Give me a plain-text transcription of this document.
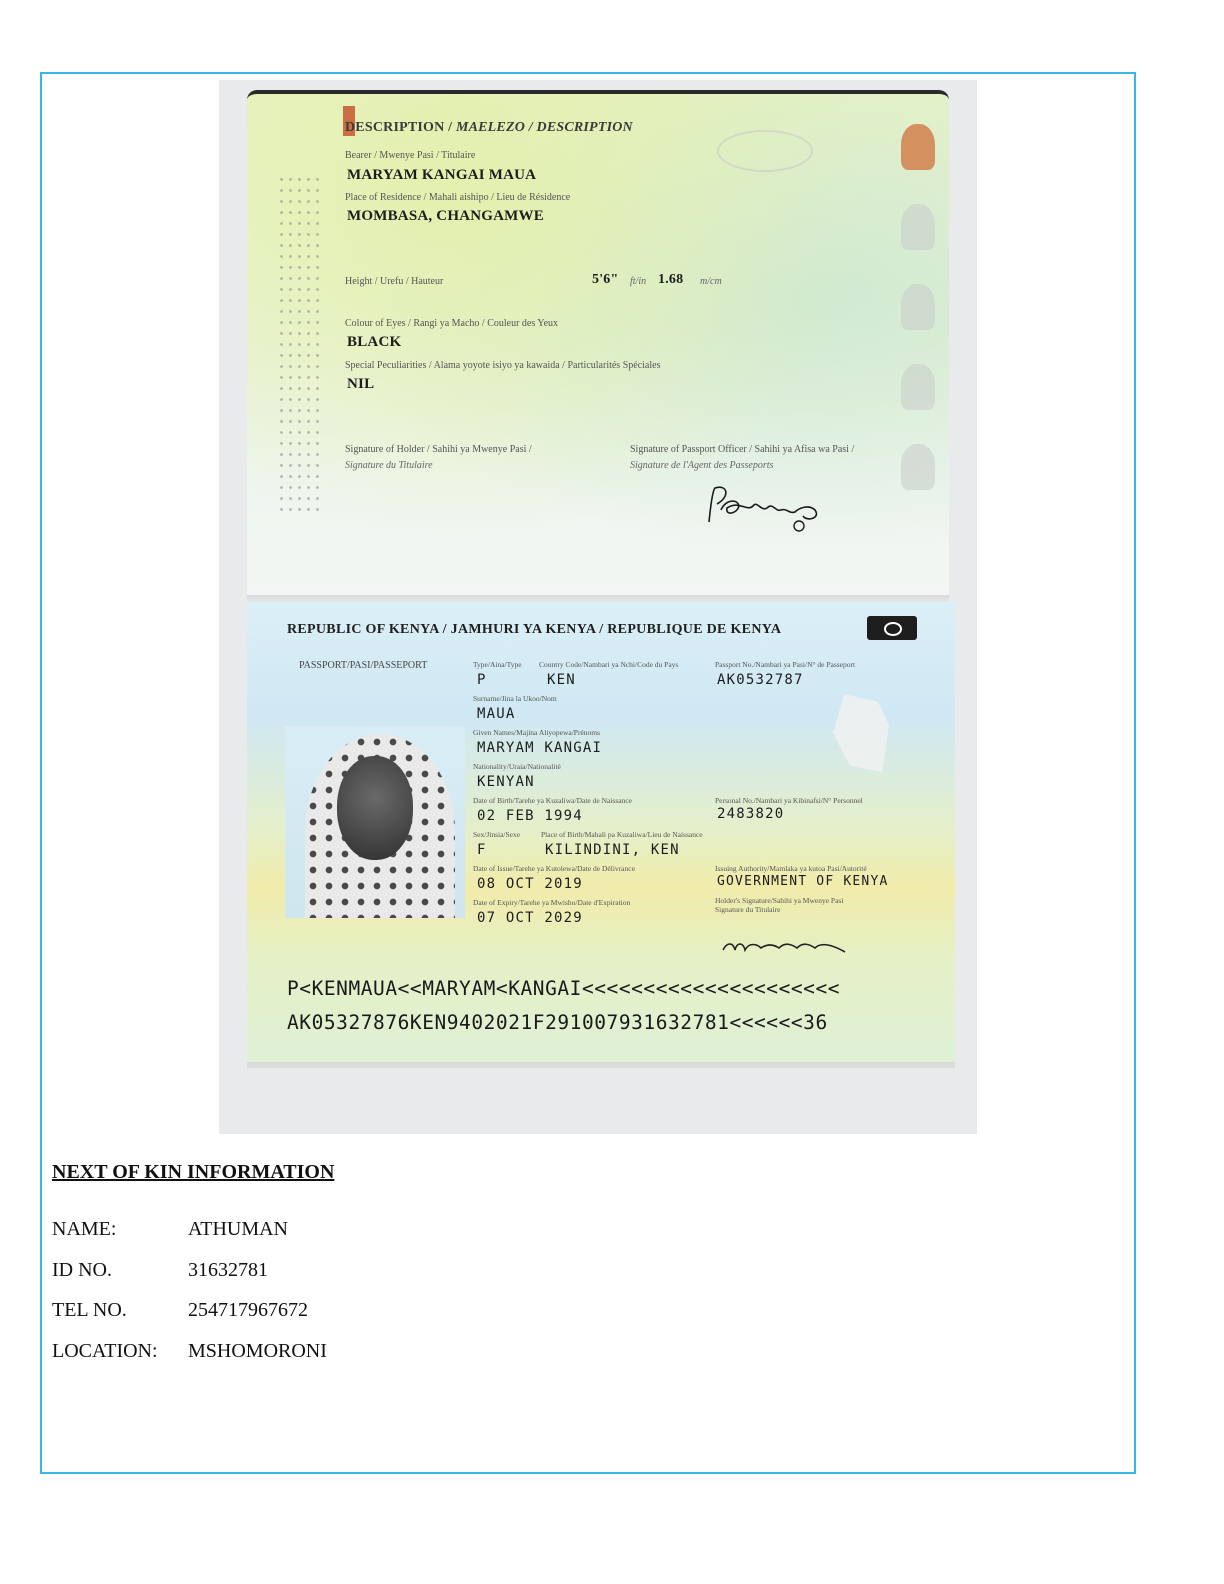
DESCRIPTION / MAELEZO / DESCRIPTION
Bearer / Mwenye Pasi / Titulaire
MARYAM KANGAI MAUA
Place of Residence / Mahali aishipo / Lieu de Résidence
MOMBASA, CHANGAMWE
Height / Urefu / Hauteur	5'6" ft/in 1.68 m/cm
Colour of Eyes / Rangi ya Macho / Couleur des Yeux
BLACK
Special Peculiarities / Alama yoyote isiyo ya kawaida / Particularités Spéciales
NIL
Signature of Holder / Sahihi ya Mwenye Pasi /
Signature du Titulaire
Signature of Passport Officer / Sahihi ya Afisa wa Pasi /
Signature de l'Agent des Passeports
REPUBLIC OF KENYA / JAMHURI YA KENYA / REPUBLIQUE DE KENYA
PASSPORT/PASI/PASSEPORT	Type/Aina/Type Country Code/Nambari ya Nchi/Code du Pays	Passport No./Nambari ya Pasi/N° de Passeport
P	KEN	AK0532787
Surname/Jina la Ukoo/Nom
MAUA
Given Names/Majina Aliyopewa/Prénoms
MARYAM KANGAI
Nationality/Uraia/Nationalité
KENYAN
Date of Birth/Tarehe ya Kuzaliwa/Date de Naissance	Personal No./Nambari ya Kibinafsi/N° Personnel
02 FEB 1994	2483820
Sex/Jinsia/Sexe	Place of Birth/Mahali pa Kuzaliwa/Lieu de Naissance
F	KILINDINI, KEN
Date of Issue/Tarehe ya Kutolewa/Date de Délivrance	Issuing Authority/Mamlaka ya kutoa Pasi/Autorité
08 OCT 2019	GOVERNMENT OF KENYA
Date of Expiry/Tarehe ya Mwisho/Date d'Expiration	Holder's Signature/Sahihi ya Mwenye Pasi
Signature du Titulaire
07 OCT 2029
P<KENMAUA<<MARYAM<KANGAI<<<<<<<<<<<<<<<<<<<<<
AK05327876KEN9402021F291007931632781<<<<<<36
NEXT OF KIN INFORMATION
NAME:	ATHUMAN
ID NO.	31632781
TEL NO.	254717967672
LOCATION: MSHOMORONI
